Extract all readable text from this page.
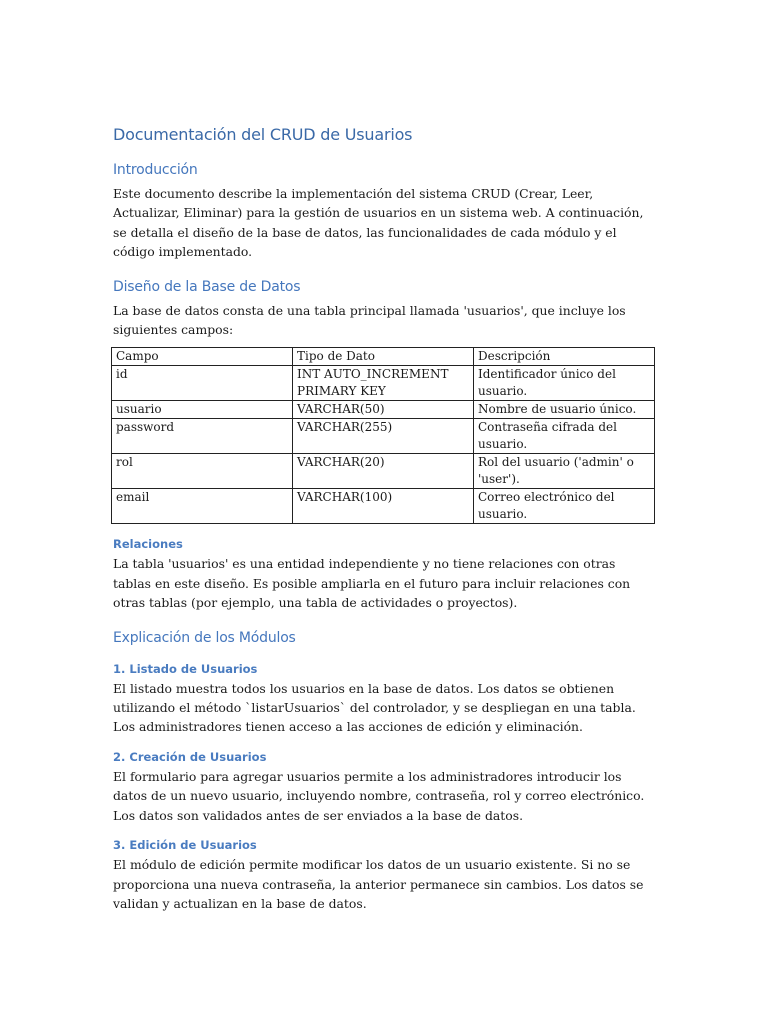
Documentación del CRUD de Usuarios
Introducción

Este documento describe la implementación del sistema CRUD (Crear, Leer, Actualizar, Eliminar) para la gestión de usuarios en un sistema web. A continuación, se detalla el diseño de la base de datos, las funcionalidades de cada módulo y el código implementado.

Diseño de la Base de Datos

La base de datos consta de una tabla principal llamada 'usuarios', que incluye los siguientes campos:

Campo	Tipo de Dato	Descripción
id	INT AUTO_INCREMENT PRIMARY KEY	Identificador único del usuario.
usuario	VARCHAR(50)	Nombre de usuario único.
password	VARCHAR(255)	Contraseña cifrada del usuario.
rol	VARCHAR(20)	Rol del usuario ('admin' o 'user').
email	VARCHAR(100)	Correo electrónico del usuario.
Relaciones

La tabla 'usuarios' es una entidad independiente y no tiene relaciones con otras tablas en este diseño. Es posible ampliarla en el futuro para incluir relaciones con otras tablas (por ejemplo, una tabla de actividades o proyectos).

Explicación de los Módulos
1. Listado de Usuarios

El listado muestra todos los usuarios en la base de datos. Los datos se obtienen utilizando el método `listarUsuarios` del controlador, y se despliegan en una tabla. Los administradores tienen acceso a las acciones de edición y eliminación.

2. Creación de Usuarios

El formulario para agregar usuarios permite a los administradores introducir los datos de un nuevo usuario, incluyendo nombre, contraseña, rol y correo electrónico. Los datos son validados antes de ser enviados a la base de datos.

3. Edición de Usuarios

El módulo de edición permite modificar los datos de un usuario existente. Si no se proporciona una nueva contraseña, la anterior permanece sin cambios. Los datos se validan y actualizan en la base de datos.
